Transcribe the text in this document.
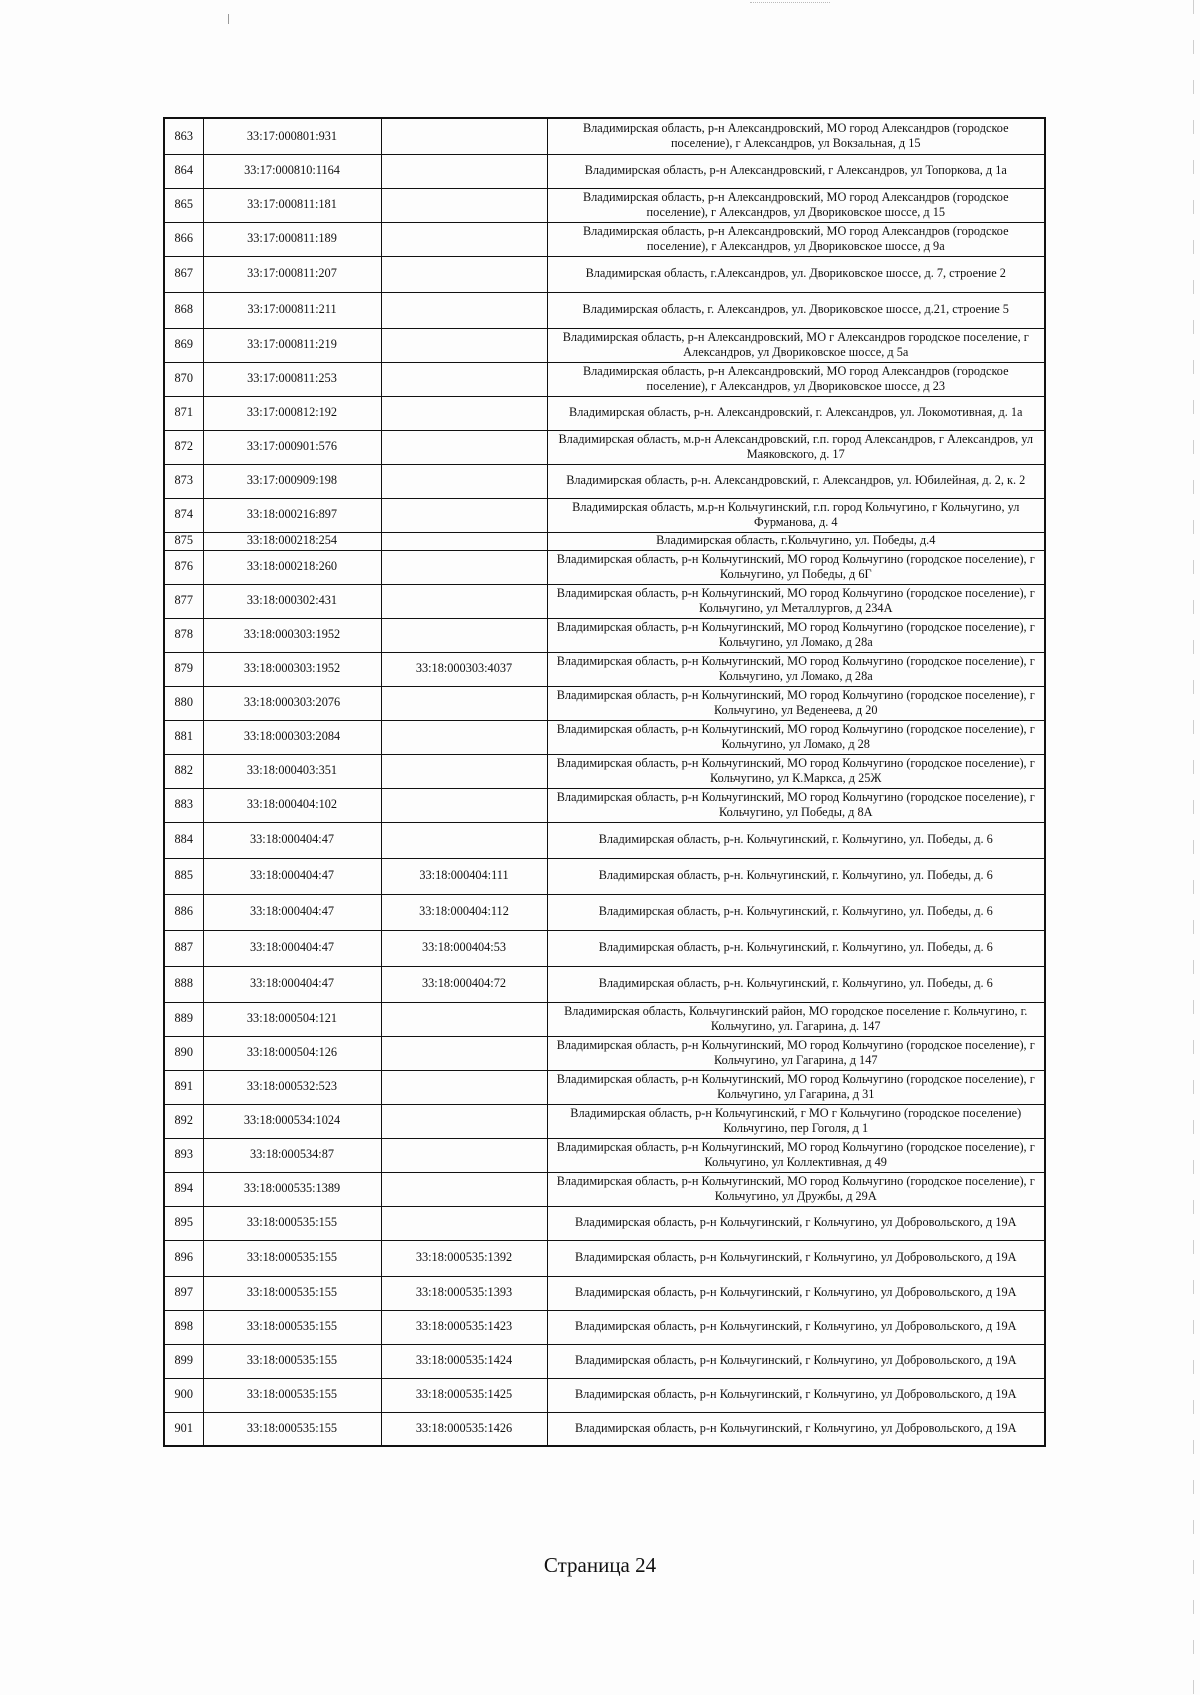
863	33:17:000801:931		Владимирская область, р-н Александровский, МО город Александров (городское поселение), г Александров, ул Вокзальная, д 15
864	33:17:000810:1164		Владимирская область, р-н Александровский, г Александров, ул Топоркова, д 1а
865	33:17:000811:181		Владимирская область, р-н Александровский, МО город Александров (городское поселение), г Александров, ул Дворикoвское шоссе, д 15
866	33:17:000811:189		Владимирская область, р-н Александровский, МО город Александров (городское поселение), г Александров, ул Дворикoвское шоссе, д 9а
867	33:17:000811:207		Владимирская область, г.Александров, ул. Дворикoвское шоссе, д. 7, строение 2
868	33:17:000811:211		Владимирская область, г. Александров, ул. Дворикoвское шоссе, д.21, строение 5
869	33:17:000811:219		Владимирская область, р-н Александровский, МО г Александров городское поселение, г Александров, ул Дворикoвское шоссе, д 5а
870	33:17:000811:253		Владимирская область, р-н Александровский, МО город Александров (городское поселение), г Александров, ул Дворикoвское шоссе, д 23
871	33:17:000812:192		Владимирская область, р-н. Александровский, г. Александров, ул. Локомотивная, д. 1а
872	33:17:000901:576		Владимирская область, м.р-н Александровский, г.п. город Александров, г Александров, ул Маяковского, д. 17
873	33:17:000909:198		Владимирская область, р-н. Александровский, г. Александров, ул. Юбилейная, д. 2, к. 2
874	33:18:000216:897		Владимирская область, м.р-н Кольчугинский, г.п. город Кольчугино, г Кольчугино, ул Фурманова, д. 4
875	33:18:000218:254		Владимирская область, г.Кольчугино, ул. Победы, д.4
876	33:18:000218:260		Владимирская область, р-н Кольчугинский, МО город Кольчугино (городское поселение), г Кольчугино, ул Победы, д 6Г
877	33:18:000302:431		Владимирская область, р-н Кольчугинский, МО город Кольчугино (городское поселение), г Кольчугино, ул Металлургов, д 234А
878	33:18:000303:1952		Владимирская область, р-н Кольчугинский, МО город Кольчугино (городское поселение), г Кольчугино, ул Ломако, д 28а
879	33:18:000303:1952	33:18:000303:4037	Владимирская область, р-н Кольчугинский, МО город Кольчугино (городское поселение), г Кольчугино, ул Ломако, д 28а
880	33:18:000303:2076		Владимирская область, р-н Кольчугинский, МО город Кольчугино (городское поселение), г Кольчугино, ул Веденеева, д 20
881	33:18:000303:2084		Владимирская область, р-н Кольчугинский, МО город Кольчугино (городское поселение), г Кольчугино, ул Ломако, д 28
882	33:18:000403:351		Владимирская область, р-н Кольчугинский, МО город Кольчугино (городское поселение), г Кольчугино, ул К.Маркса, д 25Ж
883	33:18:000404:102		Владимирская область, р-н Кольчугинский, МО город Кольчугино (городское поселение), г Кольчугино, ул Победы, д 8А
884	33:18:000404:47		Владимирская область, р-н. Кольчугинский, г. Кольчугино, ул. Победы, д. 6
885	33:18:000404:47	33:18:000404:111	Владимирская область, р-н. Кольчугинский, г. Кольчугино, ул. Победы, д. 6
886	33:18:000404:47	33:18:000404:112	Владимирская область, р-н. Кольчугинский, г. Кольчугино, ул. Победы, д. 6
887	33:18:000404:47	33:18:000404:53	Владимирская область, р-н. Кольчугинский, г. Кольчугино, ул. Победы, д. 6
888	33:18:000404:47	33:18:000404:72	Владимирская область, р-н. Кольчугинский, г. Кольчугино, ул. Победы, д. 6
889	33:18:000504:121		Владимирская область, Кольчугинский район, МО городское поселение г. Кольчугино, г. Кольчугино, ул. Гагарина, д. 147
890	33:18:000504:126		Владимирская область, р-н Кольчугинский, МО город Кольчугино (городское поселение), г Кольчугино, ул Гагарина, д 147
891	33:18:000532:523		Владимирская область, р-н Кольчугинский, МО город Кольчугино (городское поселение), г Кольчугино, ул Гагарина, д 31
892	33:18:000534:1024		Владимирская область, р-н Кольчугинский, г МО г Кольчугино (городское поселение) Кольчугино, пер Гоголя, д 1
893	33:18:000534:87		Владимирская область, р-н Кольчугинский, МО город Кольчугино (городское поселение), г Кольчугино, ул Коллективная, д 49
894	33:18:000535:1389		Владимирская область, р-н Кольчугинский, МО город Кольчугино (городское поселение), г Кольчугино, ул Дружбы, д 29А
895	33:18:000535:155		Владимирская область, р-н Кольчугинский, г Кольчугино, ул Добровольского, д 19А
896	33:18:000535:155	33:18:000535:1392	Владимирская область, р-н Кольчугинский, г Кольчугино, ул Добровольского, д 19А
897	33:18:000535:155	33:18:000535:1393	Владимирская область, р-н Кольчугинский, г Кольчугино, ул Добровольского, д 19А
898	33:18:000535:155	33:18:000535:1423	Владимирская область, р-н Кольчугинский, г Кольчугино, ул Добровольского, д 19А
899	33:18:000535:155	33:18:000535:1424	Владимирская область, р-н Кольчугинский, г Кольчугино, ул Добровольского, д 19А
900	33:18:000535:155	33:18:000535:1425	Владимирская область, р-н Кольчугинский, г Кольчугино, ул Добровольского, д 19А
901	33:18:000535:155	33:18:000535:1426	Владимирская область, р-н Кольчугинский, г Кольчугино, ул Добровольского, д 19А
Страница 24
